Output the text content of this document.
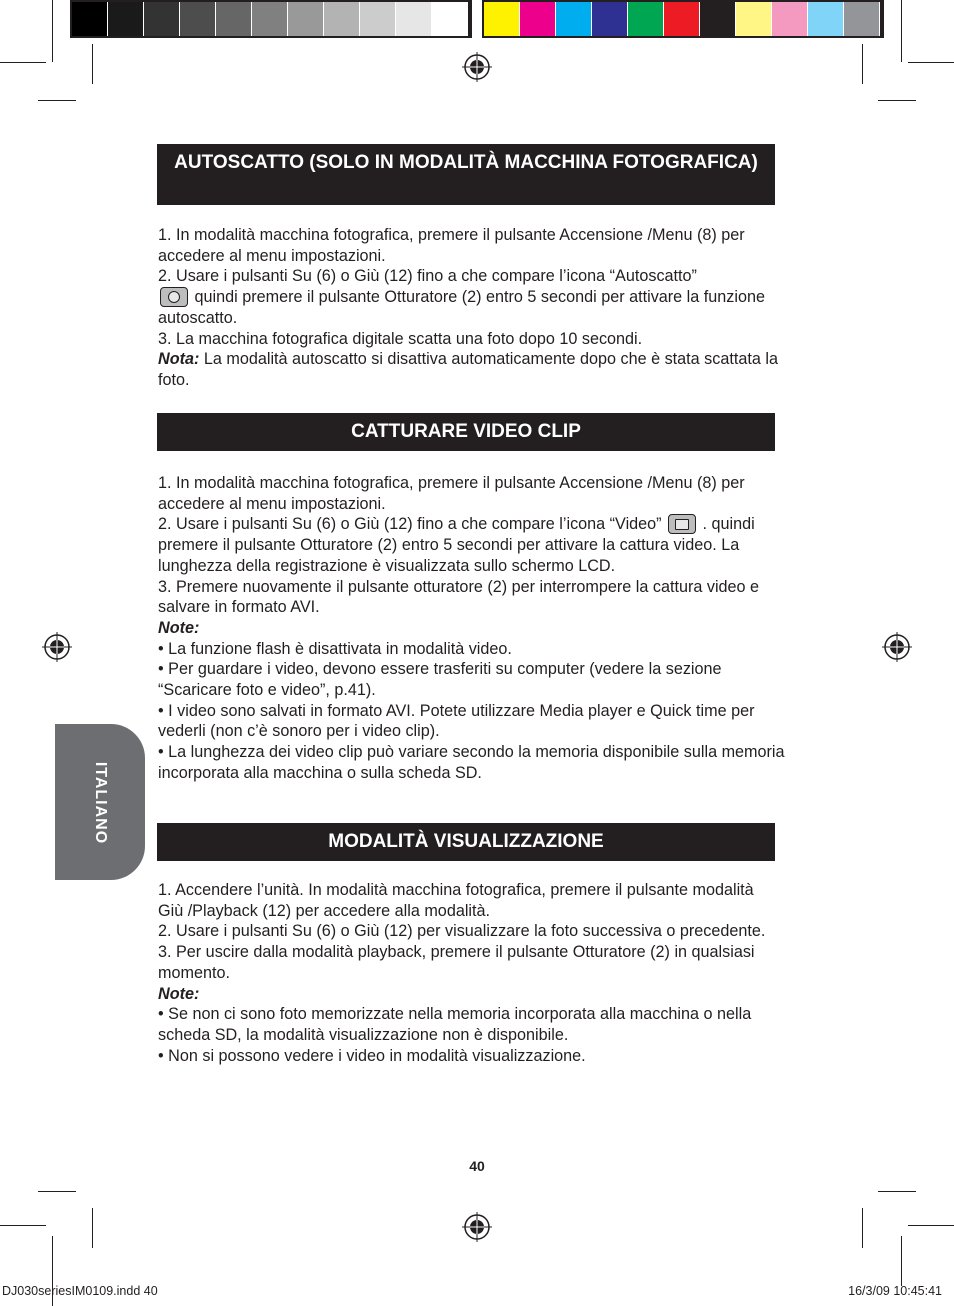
AUTOSCATTO (SOLO IN MODALITÀ MACCHINA FOTOGRAFICA)

1. In modalità macchina fotografica, premere il pulsante Accensione /Menu (8) per accedere al menu impostazioni.

2. Usare i pulsanti Su (6) o Giù (12) fino a che compare l’icona “Autoscatto”

quindi premere il pulsante Otturatore (2) entro 5 secondi per attivare la funzione autoscatto.

3. La macchina fotografica digitale scatta una foto dopo 10 secondi.

Nota: La modalità autoscatto si disattiva automaticamente dopo che è stata scattata la foto.

CATTURARE VIDEO CLIP

1. In modalità macchina fotografica, premere il pulsante Accensione /Menu (8) per accedere al menu impostazioni.

2. Usare i pulsanti Su (6) o Giù (12) fino a che compare l’icona “Video”
. quindi premere il pulsante Otturatore (2) entro 5 secondi per attivare la cattura video. La lunghezza della registrazione è visualizzata sullo schermo LCD.

3. Premere nuovamente il pulsante otturatore (2) per interrompere la cattura video e salvare in formato AVI.

Note:

• La funzione flash è disattivata in modalità video.

• Per guardare i video, devono essere trasferiti su computer (vedere la sezione “Scaricare foto e video”, p.41).

• I video sono salvati in formato AVI. Potete utilizzare Media player e Quick time per vederli (non c’è sonoro per i video clip).

• La lunghezza dei video clip può variare secondo la memoria disponibile sulla memoria incorporata alla macchina o sulla scheda SD.

ITALIANO	MODALITÀ VISUALIZZAZIONE

1. Accendere l’unità. In modalità macchina fotografica, premere il pulsante modalità Giù /Playback (12) per accedere alla modalità.

2. Usare i pulsanti Su (6) o Giù (12) per visualizzare la foto successiva o precedente.

3. Per uscire dalla modalità playback, premere il pulsante Otturatore (2) in qualsiasi momento.

Note:

• Se non ci sono foto memorizzate nella memoria incorporata alla macchina o nella scheda SD, la modalità visualizzazione non è disponibile.

• Non si possono vedere i video in modalità visualizzazione.

40
DJ030seriesIM0109.indd 40	16/3/09 10:45:41
